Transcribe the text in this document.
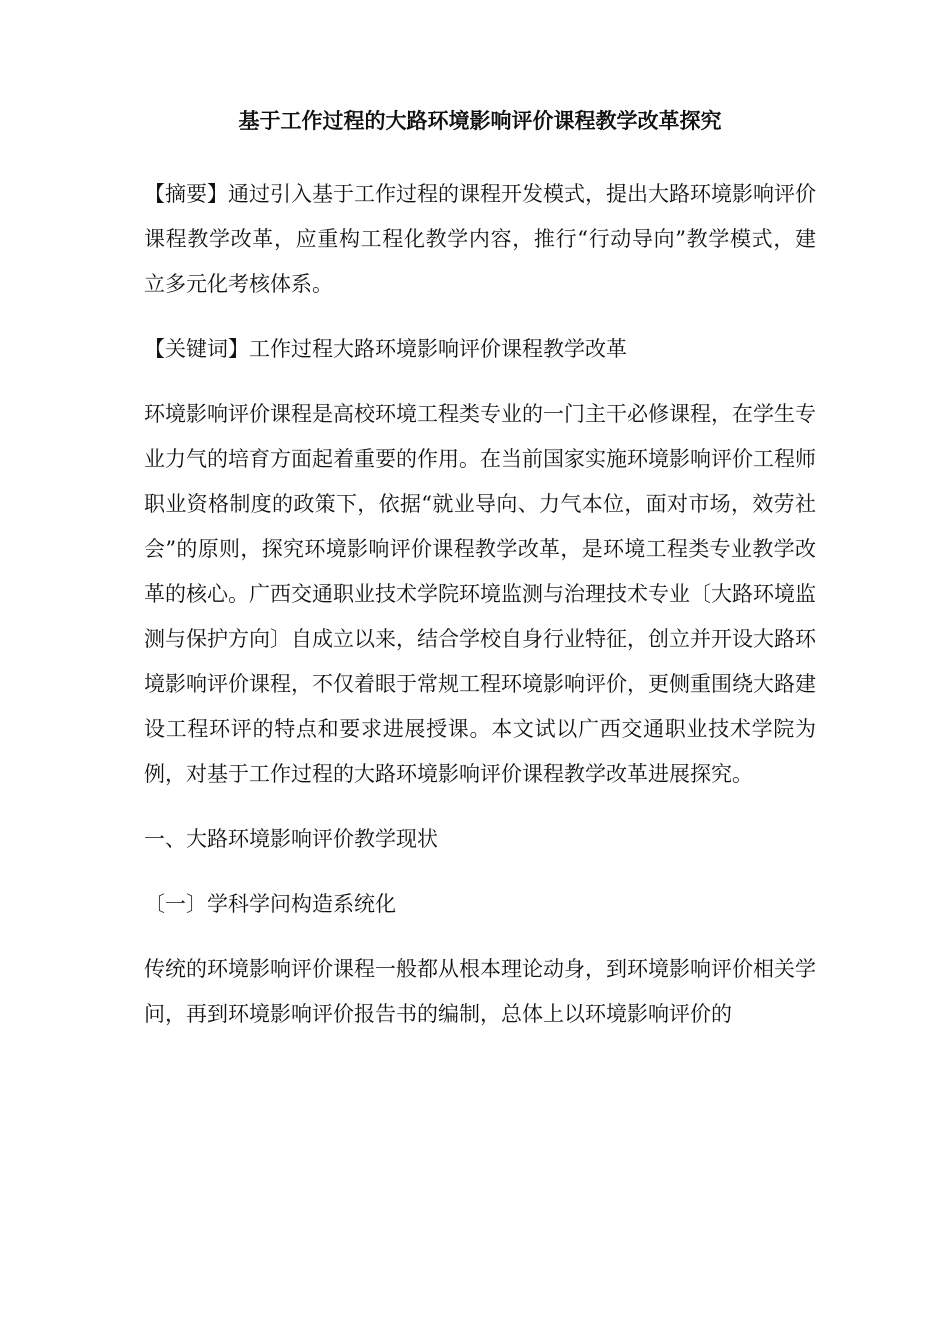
基于工作过程的大路环境影响评价课程教学改革探究

【摘要】通过引入基于工作过程的课程开发模式，提出大路环境影响评价课程教学改革，应重构工程化教学内容，推行“行动导向”教学模式，建立多元化考核体系。

【关键词】工作过程大路环境影响评价课程教学改革

环境影响评价课程是高校环境工程类专业的一门主干必修课程，在学生专业力气的培育方面起着重要的作用。在当前国家实施环境影响评价工程师职业资格制度的政策下，依据“就业导向、力气本位，面对市场，效劳社会”的原则，探究环境影响评价课程教学改革，是环境工程类专业教学改革的核心。广西交通职业技术学院环境监测与治理技术专业〔大路环境监测与保护方向〕自成立以来，结合学校自身行业特征，创立并开设大路环境影响评价课程，不仅着眼于常规工程环境影响评价，更侧重围绕大路建设工程环评的特点和要求进展授课。本文试以广西交通职业技术学院为例，对基于工作过程的大路环境影响评价课程教学改革进展探究。

一、大路环境影响评价教学现状
〔一〕学科学问构造系统化

传统的环境影响评价课程一般都从根本理论动身，到环境影响评价相关学问，再到环境影响评价报告书的编制，总体上以环境影响评价的
